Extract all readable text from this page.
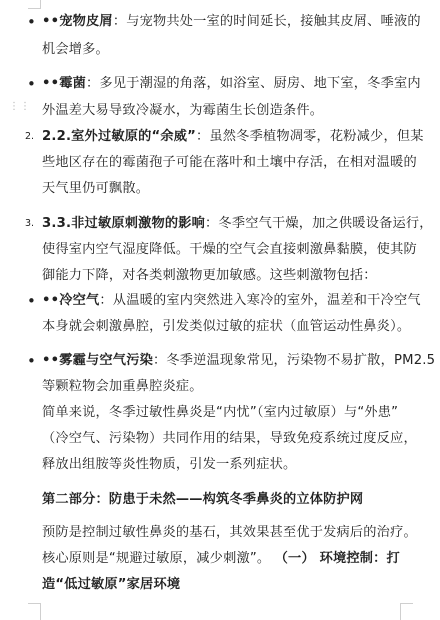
⋮⋮
• ••宠物皮屑：与宠物共处一室的时间延长，接触其皮屑、唾液的

机会增多。

• ••霉菌：多见于潮湿的角落，如浴室、厨房、地下室，冬季室内

外温差大易导致冷凝水，为霉菌生长创造条件。

2. 2.2.室外过敏原的“余威”：虽然冬季植物凋零，花粉减少，但某

些地区存在的霉菌孢子可能在落叶和土壤中存活，在相对温暖的

天气里仍可飘散。

3. 3.3.非过敏原刺激物的影响：冬季空气干燥，加之供暖设备运行，

使得室内空气湿度降低。干燥的空气会直接刺激鼻黏膜，使其防

御能力下降，对各类刺激物更加敏感。这些刺激物包括：

• ••冷空气：从温暖的室内突然进入寒冷的室外，温差和干冷空气

本身就会刺激鼻腔，引发类似过敏的症状（血管运动性鼻炎）。

• ••雾霾与空气污染：冬季逆温现象常见，污染物不易扩散，PM2.5

等颗粒物会加重鼻腔炎症。

简单来说，冬季过敏性鼻炎是“内忧”（室内过敏原）与“外患”

（冷空气、污染物）共同作用的结果，导致免疫系统过度反应，

释放出组胺等炎性物质，引发一系列症状。

第二部分：防患于未然——构筑冬季鼻炎的立体防护网

预防是控制过敏性鼻炎的基石，其效果甚至优于发病后的治疗。

核心原则是“规避过敏原，减少刺激”。 （一） 环境控制：打

造“低过敏原”家居环境
